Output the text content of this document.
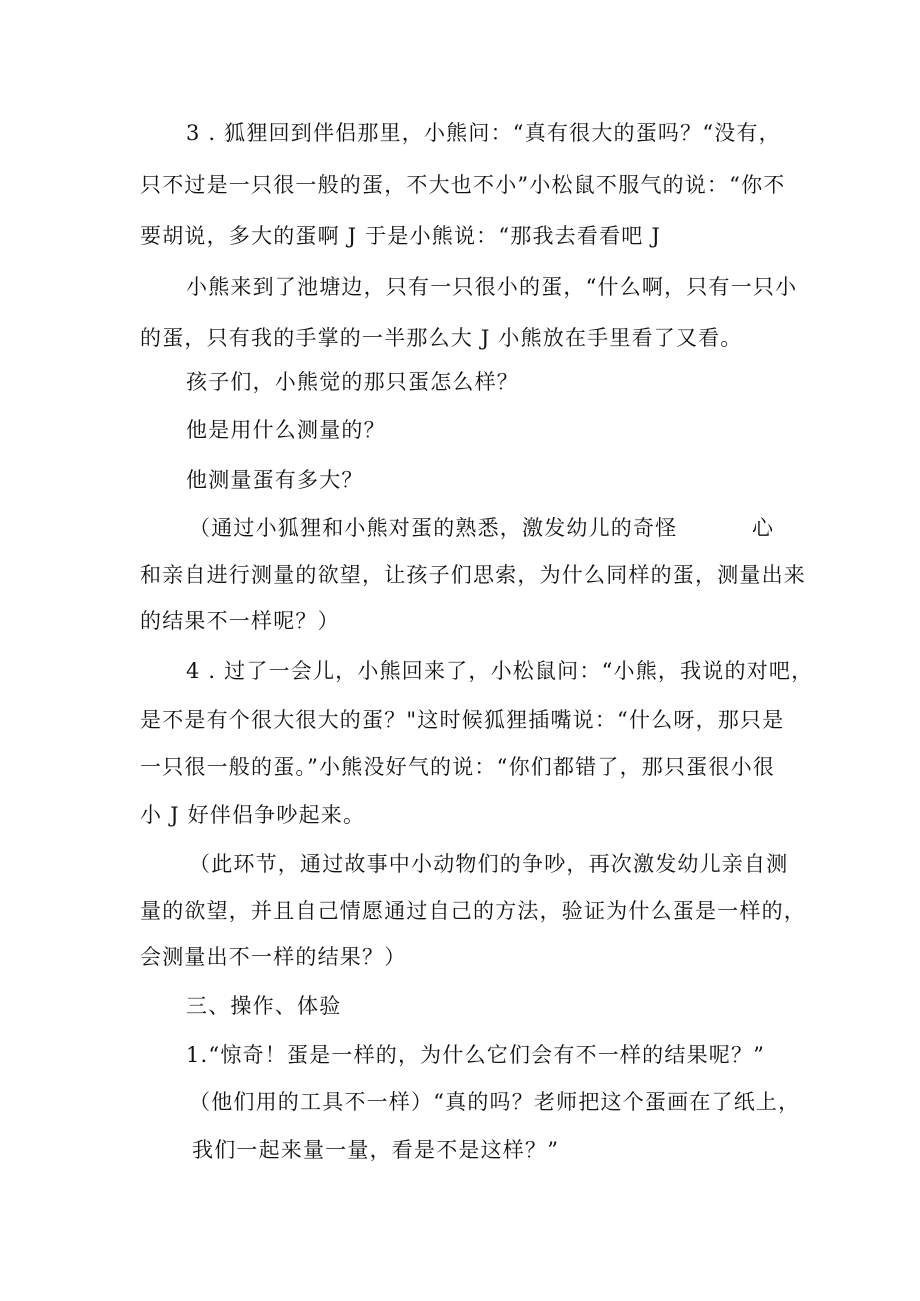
3 . 狐狸回到伴侣那里，小熊问：“真有很大的蛋吗？“没有，
只不过是一只很一般的蛋，不大也不小”小松鼠不服气的说：“你不
要胡说，多大的蛋啊 J 于是小熊说：“那我去看看吧 J
小熊来到了池塘边，只有一只很小的蛋，“什么啊，只有一只小
的蛋，只有我的手掌的一半那么大 J 小熊放在手里看了又看。
孩子们，小熊觉的那只蛋怎么样？
他是用什么测量的？
他测量蛋有多大？
（通过小狐狸和小熊对蛋的熟悉，激发幼儿的奇怪	心
和亲自进行测量的欲望，让孩子们思索，为什么同样的蛋，测量出来
的结果不一样呢？）
4 . 过了一会儿，小熊回来了，小松鼠问：“小熊，我说的对吧，
是不是有个很大很大的蛋？"这时候狐狸插嘴说：“什么呀，那只是
一只很一般的蛋。”小熊没好气的说：“你们都错了，那只蛋很小很
小 J 好伴侣争吵起来。
（此环节，通过故事中小动物们的争吵，再次激发幼儿亲自测
量的欲望，并且自己情愿通过自己的方法，验证为什么蛋是一样的，
会测量出不一样的结果？）
三、操作、体验
1.“惊奇！蛋是一样的，为什么它们会有不一样的结果呢？”
（他们用的工具不一样）“真的吗？老师把这个蛋画在了纸上，
我们一起来量一量，看是不是这样？”
